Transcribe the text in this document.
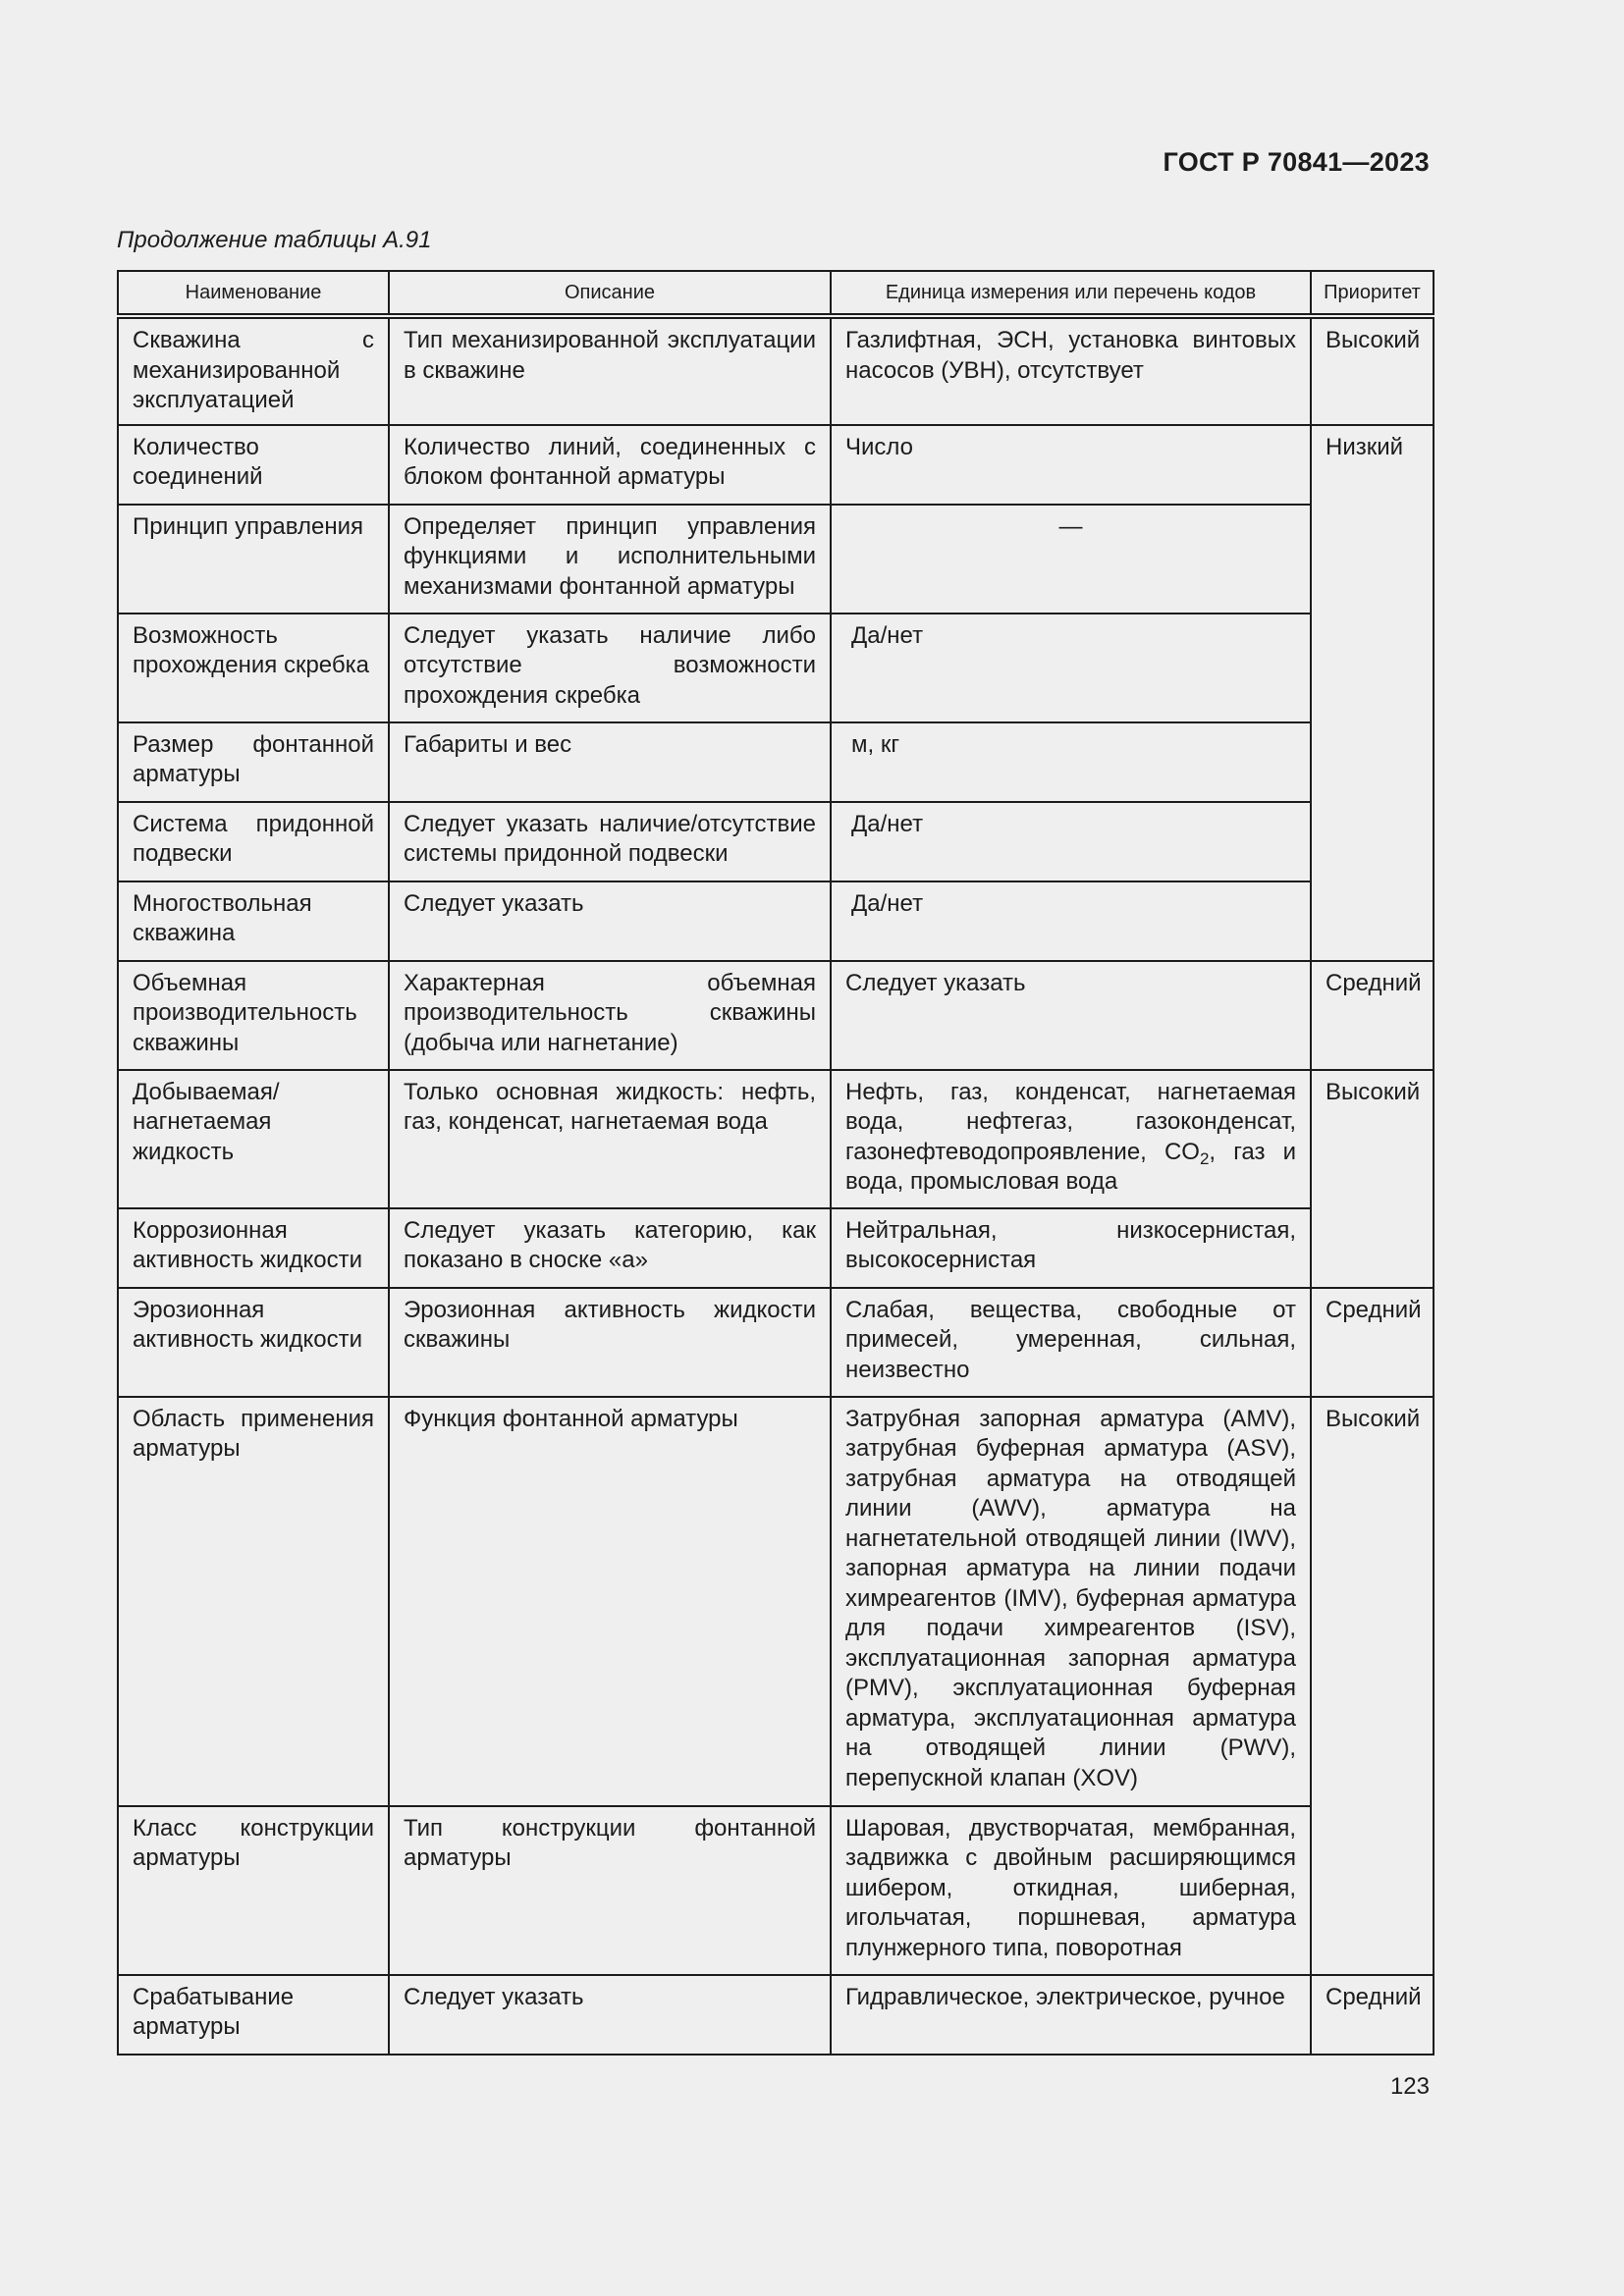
ГОСТ Р 70841—2023
Продолжение таблицы А.91
Наименование	Описание	Единица измерения или перечень кодов	Приоритет
Скважина с механизированной эксплуатацией	Тип механизированной эксплуатации в скважине	Газлифтная, ЭСН, установка винтовых насосов (УВН), отсутствует	Высокий
Количество соединений	Количество линий, соединенных с блоком фонтанной арматуры	Число	Низкий
Принцип управления	Определяет принцип управления функциями и исполнительными механизмами фонтанной арматуры	—	
Возможность прохождения скребка	Следует указать наличие либо отсутствие возможности прохождения скребка	Да/нет	
Размер фонтанной арматуры	Габариты и вес	м, кг	
Система придонной подвески	Следует указать наличие/отсутствие системы придонной подвески	Да/нет	
Многоствольная скважина	Следует указать	Да/нет	
Объемная производительность скважины	Характерная объемная производительность скважины (добыча или нагнетание)	Следует указать	Средний
Добываемая/нагнетаемая жидкость	Только основная жидкость: нефть, газ, конденсат, нагнетаемая вода	Нефть, газ, конденсат, нагнетаемая вода, нефтегаз, газоконденсат, газонефтеводопроявление, $CO_2$, газ и вода, промысловая вода	Высокий
Коррозионная активность жидкости	Следует указать категорию, как показано в сноске «а»	Нейтральная, низкосернистая, высокосернистая	
Эрозионная активность жидкости	Эрозионная активность жидкости скважины	Слабая, вещества, свободные от примесей, умеренная, сильная, неизвестно	Средний
Область применения арматуры	Функция фонтанной арматуры	Затрубная запорная арматура (AMV), затрубная буферная арматура (ASV), затрубная арматура на отводящей линии (AWV), арматура на нагнетательной отводящей линии (IWV), запорная арматура на линии подачи химреагентов (IMV), буферная арматура для подачи химреагентов (ISV), эксплуатационная запорная арматура (PMV), эксплуатационная буферная арматура, эксплуатационная арматура на отводящей линии (PWV), перепускной клапан (XOV)	Высокий
Класс конструкции арматуры	Тип конструкции фонтанной арматуры	Шаровая, двустворчатая, мембранная, задвижка с двойным расширяющимся шибером, откидная, шиберная, игольчатая, поршневая, арматура плунжерного типа, поворотная	
Срабатывание арматуры	Следует указать	Гидравлическое, электрическое, ручное	Средний
123
